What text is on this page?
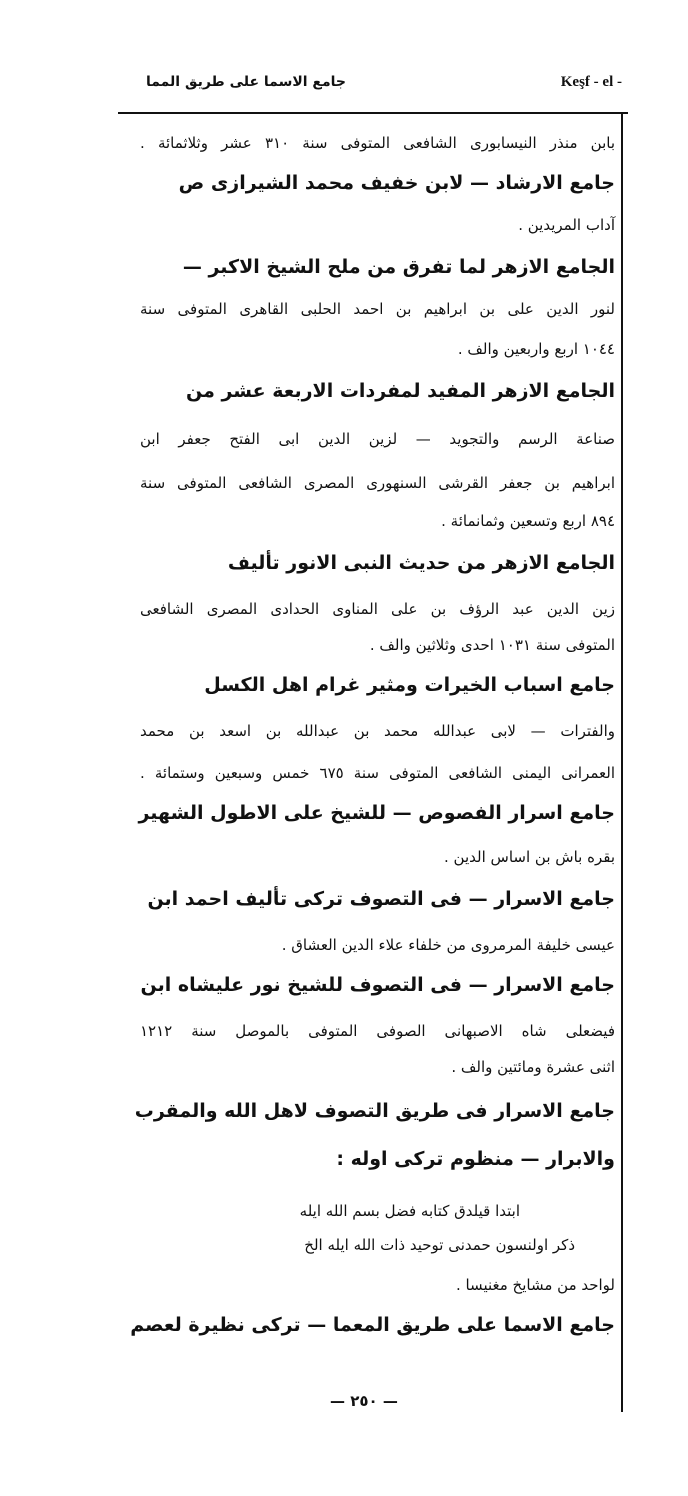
جامع الاسما على طريق المما	Keşf - el -
بابن منذر النيسابورى الشافعى المتوفى سنة ٣١٠ عشر وثلاثمائة .
جامع الارشاد — لابن خفيف محمد الشيرازى ص
آداب المريدين .
الجامع الازهر لما تفرق من ملح الشيخ الاكبر —
لنور الدين على بن ابراهيم بن احمد الحلبى القاهرى المتوفى سنة
١٠٤٤ اربع واربعين والف .
الجامع الازهر المفيد لمفردات الاربعة عشر من
صناعة الرسم والتجويد — لزين الدين ابى الفتح جعفر ابن
ابراهيم بن جعفر القرشى السنهورى المصرى الشافعى المتوفى سنة
٨٩٤ اربع وتسعين وثمانمائة .
الجامع الازهر من حديث النبى الانور تأليف
زين الدين عبد الرؤف بن على المناوى الحدادى المصرى الشافعى
المتوفى سنة ١٠٣١ احدى وثلاثين والف .
جامع اسباب الخيرات ومثير غرام اهل الكسل
والفترات — لابى عبدالله محمد بن عبدالله بن اسعد بن محمد
العمرانى اليمنى الشافعى المتوفى سنة ٦٧٥ خمس وسبعين وستمائة .
جامع اسرار الفصوص — للشيخ على الاطول الشهير
بقره باش بن اساس الدين .
جامع الاسرار — فى التصوف تركى تأليف احمد ابن
عيسى خليفة المرمروى من خلفاء علاء الدين العشاق .
جامع الاسرار — فى التصوف للشيخ نور عليشاه ابن
فيضعلى شاه الاصبهانى الصوفى المتوفى بالموصل سنة ١٢١٢
اثنى عشرة ومائتين والف .
جامع الاسرار فى طريق التصوف لاهل الله والمقرب
والابرار — منظوم تركى اوله :
ابتدا قيلدق كتابه فضل بسم الله ايله
ذكر اولنسون حمدنى توحيد ذات الله ايله الخ
لواحد من مشايخ مغنيسا .
جامع الاسما على طريق المعما — تركى نظيرة لعصم
— ٢٥٠ —
